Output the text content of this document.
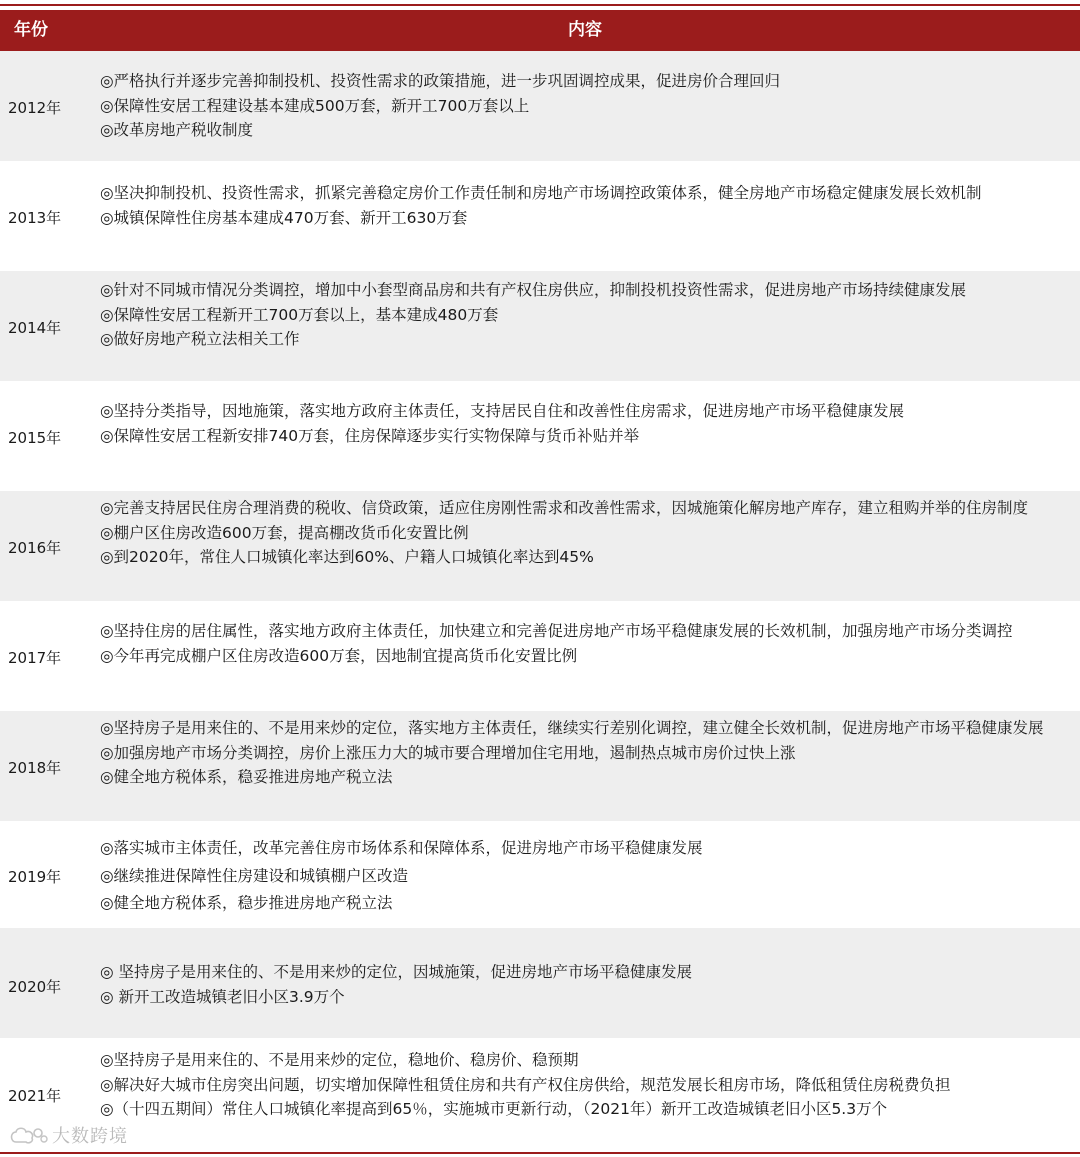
年份	内容
2012年

◎严格执行并逐步完善抑制投机、投资性需求的政策措施，进一步巩固调控成果，促进房价合理回归

◎保障性安居工程建设基本建成500万套，新开工700万套以上

◎改革房地产税收制度

2013年

◎坚决抑制投机、投资性需求，抓紧完善稳定房价工作责任制和房地产市场调控政策体系，健全房地产市场稳定健康发展长效机制

◎城镇保障性住房基本建成470万套、新开工630万套

2014年

◎针对不同城市情况分类调控，增加中小套型商品房和共有产权住房供应，抑制投机投资性需求，促进房地产市场持续健康发展

◎保障性安居工程新开工700万套以上，基本建成480万套

◎做好房地产税立法相关工作

2015年

◎坚持分类指导，因地施策，落实地方政府主体责任，支持居民自住和改善性住房需求，促进房地产市场平稳健康发展

◎保障性安居工程新安排740万套，住房保障逐步实行实物保障与货币补贴并举

2016年

◎完善支持居民住房合理消费的税收、信贷政策，适应住房刚性需求和改善性需求，因城施策化解房地产库存，建立租购并举的住房制度

◎棚户区住房改造600万套，提高棚改货币化安置比例

◎到2020年，常住人口城镇化率达到60%、户籍人口城镇化率达到45%

2017年

◎坚持住房的居住属性，落实地方政府主体责任，加快建立和完善促进房地产市场平稳健康发展的长效机制，加强房地产市场分类调控

◎今年再完成棚户区住房改造600万套，因地制宜提高货币化安置比例

2018年

◎坚持房子是用来住的、不是用来炒的定位，落实地方主体责任，继续实行差别化调控，建立健全长效机制，促进房地产市场平稳健康发展

◎加强房地产市场分类调控，房价上涨压力大的城市要合理增加住宅用地，遏制热点城市房价过快上涨

◎健全地方税体系，稳妥推进房地产税立法

2019年

◎落实城市主体责任，改革完善住房市场体系和保障体系，促进房地产市场平稳健康发展

◎继续推进保障性住房建设和城镇棚户区改造

◎健全地方税体系，稳步推进房地产税立法

2020年

◎ 坚持房子是用来住的、不是用来炒的定位，因城施策，促进房地产市场平稳健康发展

◎ 新开工改造城镇老旧小区3.9万个

2021年

◎坚持房子是用来住的、不是用来炒的定位，稳地价、稳房价、稳预期

◎解决好大城市住房突出问题，切实增加保障性租赁住房和共有产权住房供给，规范发展长租房市场，降低租赁住房税费负担

◎（十四五期间）常住人口城镇化率提高到65％，实施城市更新行动，（2021年）新开工改造城镇老旧小区5.3万个

大数跨境
